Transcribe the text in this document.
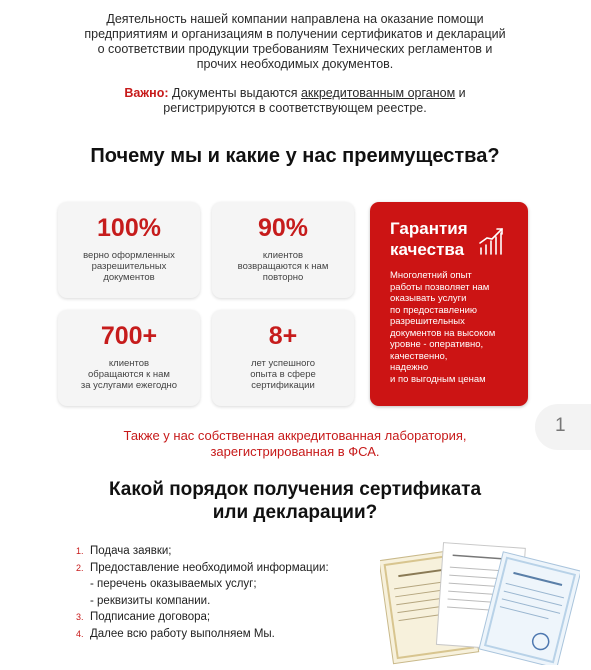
Деятельность нашей компании направлена на оказание помощи
предприятиям и организациям в получении сертификатов и деклараций
о соответствии продукции требованиям Технических регламентов и
прочих необходимых документов.
Важно: Документы выдаются аккредитованным органом и
регистрируются в соответствующем реестре.
Почему мы и какие у нас преимущества?
100%
верно оформленных
разрешительных
документов
90%
клиентов
возвращаются к нам
повторно
700+
клиентов
обращаются к нам
за услугами ежегодно
8+
лет успешного
опыта в сфере
сертификации
Гарантия
качества
Многолетний опыт
работы позволяет нам
оказывать услуги
по предоставлению
разрешительных
документов на высоком
уровне - оперативно,
качественно,
надежно
и по выгодным ценам
1
Также у нас собственная аккредитованная лаборатория,
зарегистрированная в ФСА.
Какой порядок получения сертификата
или декларации?
1. Подача заявки;
2. Предоставление необходимой информации:
- перечень оказываемых услуг;
- реквизиты компании.
3. Подписание договора;
4. Далее всю работу выполняем Мы.
